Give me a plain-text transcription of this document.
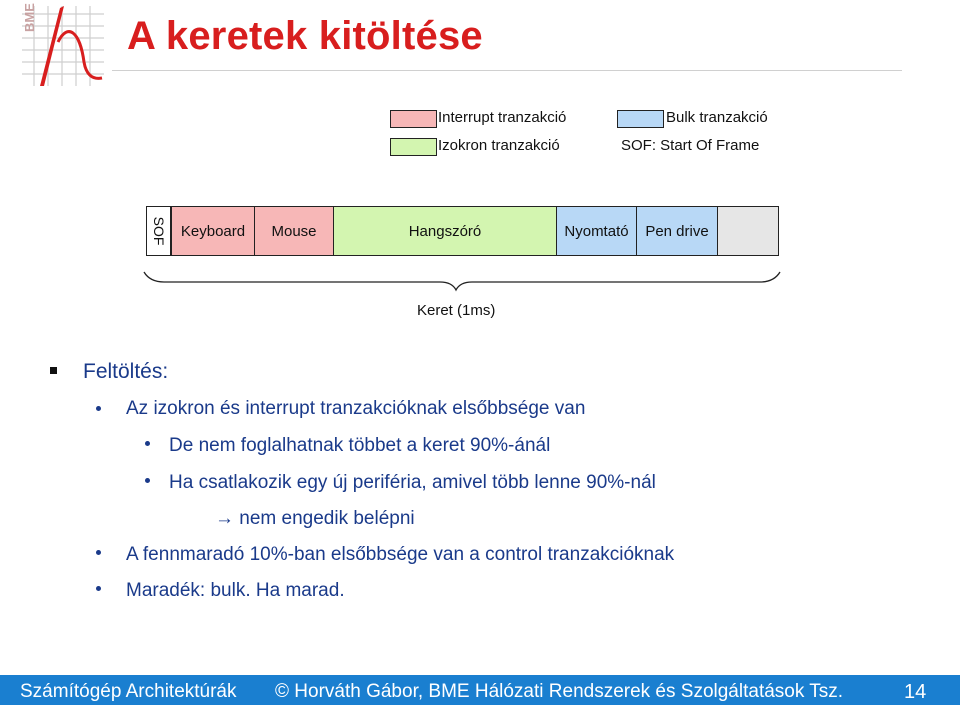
BME A keretek kitöltése
Interrupt tranzakció	Bulk tranzakció
Izokron tranzakció	SOF: Start Of Frame
SOF Keyboard	Mouse	Hangszóró	Nyomtató	Pen drive
Keret (1ms)
Feltöltés:
Az izokron és interrupt tranzakcióknak elsőbbsége van
De nem foglalhatnak többet a keret 90%-ánál
Ha csatlakozik egy új periféria, amivel több lenne 90%-nál
→ nem engedik belépni
A fennmaradó 10%-ban elsőbbsége van a control tranzakcióknak
Maradék: bulk. Ha marad.
Számítógép Architektúrák © Horváth Gábor, BME Hálózati Rendszerek és Szolgáltatások Tsz.	14
